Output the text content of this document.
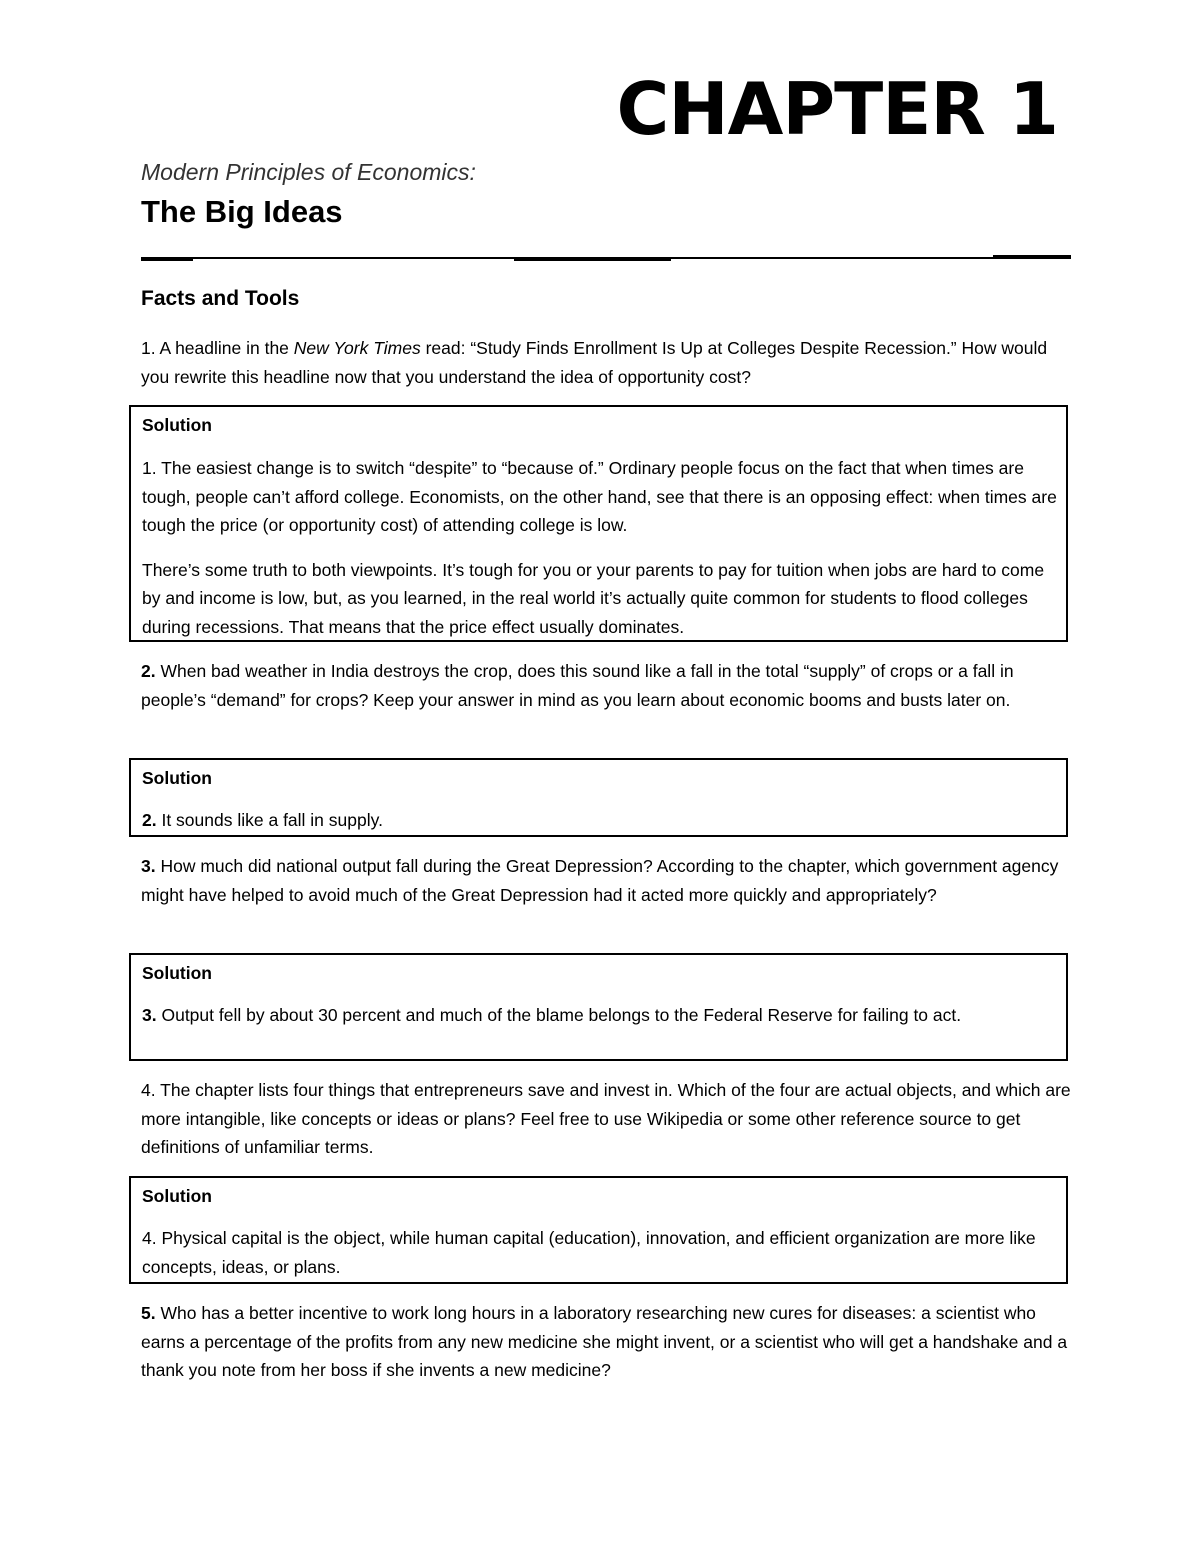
CHAPTER 1
Modern Principles of Economics:
The Big Ideas
Facts and Tools
1. A headline in the New York Times read: “Study Finds Enrollment Is Up at Colleges Despite Recession.” How would you rewrite this headline now that you understand the idea of opportunity cost?
Solution

1. The easiest change is to switch “despite” to “because of.” Ordinary people focus on the fact that when times are tough, people can’t afford college. Economists, on the other hand, see that there is an opposing effect: when times are tough the price (or opportunity cost) of attending college is low.

There’s some truth to both viewpoints. It’s tough for you or your parents to pay for tuition when jobs are hard to come by and income is low, but, as you learned, in the real world it’s actually quite common for students to flood colleges during recessions. That means that the price effect usually dominates.

2. When bad weather in India destroys the crop, does this sound like a fall in the total “supply” of crops or a fall in people’s “demand” for crops? Keep your answer in mind as you learn about economic booms and busts later on.
Solution
2. It sounds like a fall in supply.
3. How much did national output fall during the Great Depression? According to the chapter, which government agency might have helped to avoid much of the Great Depression had it acted more quickly and appropriately?
Solution
3. Output fell by about 30 percent and much of the blame belongs to the Federal Reserve for failing to act.
4. The chapter lists four things that entrepreneurs save and invest in. Which of the four are actual objects, and which are more intangible, like concepts or ideas or plans? Feel free to use Wikipedia or some other reference source to get definitions of unfamiliar terms.
Solution
4. Physical capital is the object, while human capital (education), innovation, and efficient organization are more like concepts, ideas, or plans.
5. Who has a better incentive to work long hours in a laboratory researching new cures for diseases: a scientist who earns a percentage of the profits from any new medicine she might invent, or a scientist who will get a handshake and a thank you note from her boss if she invents a new medicine?
